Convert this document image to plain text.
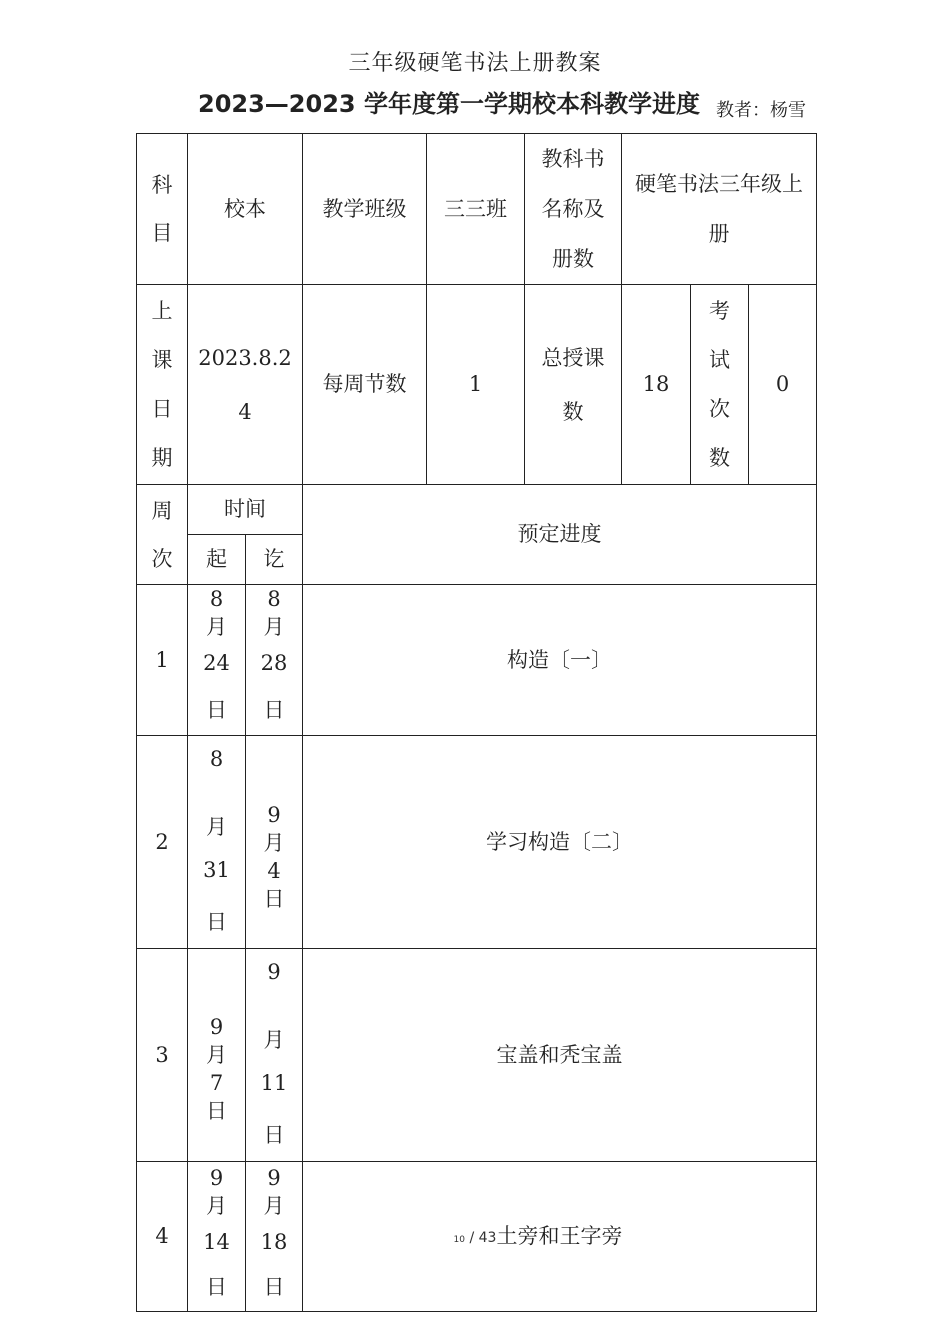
三年级硬笔书法上册教案
2023—2023 学年度第一学期校本科教学进度 教者：杨雪
科目	校本		教学班级	三三班	教科书名称及册数	硬笔书法三年级上册		

上课日期	2023.8.24		每周节数	1	总授课数	18	考试次数	0

周次	时间		预定进度					
	起	讫						
1	8
月
24
日	8
月
28
日	构造〔一〕					
2	8

月
31
日	9
月
4
日	学习构造〔二〕					
3	9
月
7
日	9

月
11
日	宝盖和秃宝盖					
4	9
月
14
日	9
月
18
日	土旁和王字旁					
10 / 43
